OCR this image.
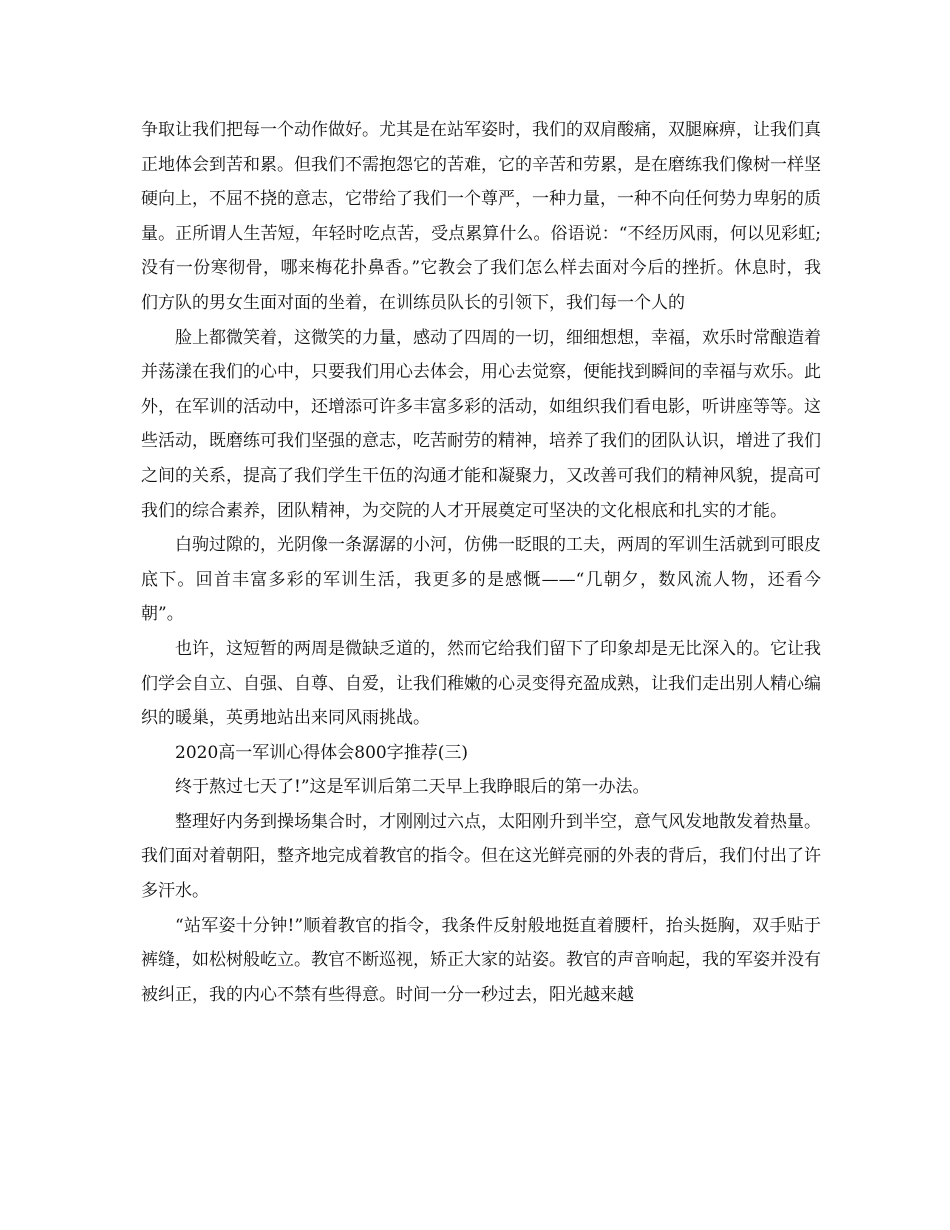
争取让我们把每一个动作做好。尤其是在站军姿时，我们的双肩酸痛，双腿麻痹，让我们真正地体会到苦和累。但我们不需抱怨它的苦难，它的辛苦和劳累，是在磨练我们像树一样坚硬向上，不屈不挠的意志，它带给了我们一个尊严，一种力量，一种不向任何势力卑躬的质量。正所谓人生苦短，年轻时吃点苦，受点累算什么。俗语说：“不经历风雨，何以见彩虹;没有一份寒彻骨，哪来梅花扑鼻香。”它教会了我们怎么样去面对今后的挫折。休息时，我们方队的男女生面对面的坐着，在训练员队长的引领下，我们每一个人的

脸上都微笑着，这微笑的力量，感动了四周的一切，细细想想，幸福，欢乐时常酿造着并荡漾在我们的心中，只要我们用心去体会，用心去觉察，便能找到瞬间的幸福与欢乐。此外，在军训的活动中，还增添可许多丰富多彩的活动，如组织我们看电影，听讲座等等。这些活动，既磨练可我们坚强的意志，吃苦耐劳的精神，培养了我们的团队认识，增进了我们之间的关系，提高了我们学生干伍的沟通才能和凝聚力，又改善可我们的精神风貌，提高可我们的综合素养，团队精神，为交院的人才开展奠定可坚决的文化根底和扎实的才能。

白驹过隙的，光阴像一条潺潺的小河，仿佛一眨眼的工夫，两周的军训生活就到可眼皮底下。回首丰富多彩的军训生活，我更多的是感慨——“几朝夕，数风流人物，还看今朝”。

也许，这短暂的两周是微缺乏道的，然而它给我们留下了印象却是无比深入的。它让我们学会自立、自强、自尊、自爱，让我们稚嫩的心灵变得充盈成熟，让我们走出别人精心编织的暖巢，英勇地站出来同风雨挑战。

2020高一军训心得体会800字推荐(三)

终于熬过七天了!”这是军训后第二天早上我睁眼后的第一办法。

整理好内务到操场集合时，才刚刚过六点，太阳刚升到半空，意气风发地散发着热量。我们面对着朝阳，整齐地完成着教官的指令。但在这光鲜亮丽的外表的背后，我们付出了许多汗水。

“站军姿十分钟!”顺着教官的指令，我条件反射般地挺直着腰杆，抬头挺胸，双手贴于裤缝，如松树般屹立。教官不断巡视，矫正大家的站姿。教官的声音响起，我的军姿并没有被纠正，我的内心不禁有些得意。时间一分一秒过去，阳光越来越
